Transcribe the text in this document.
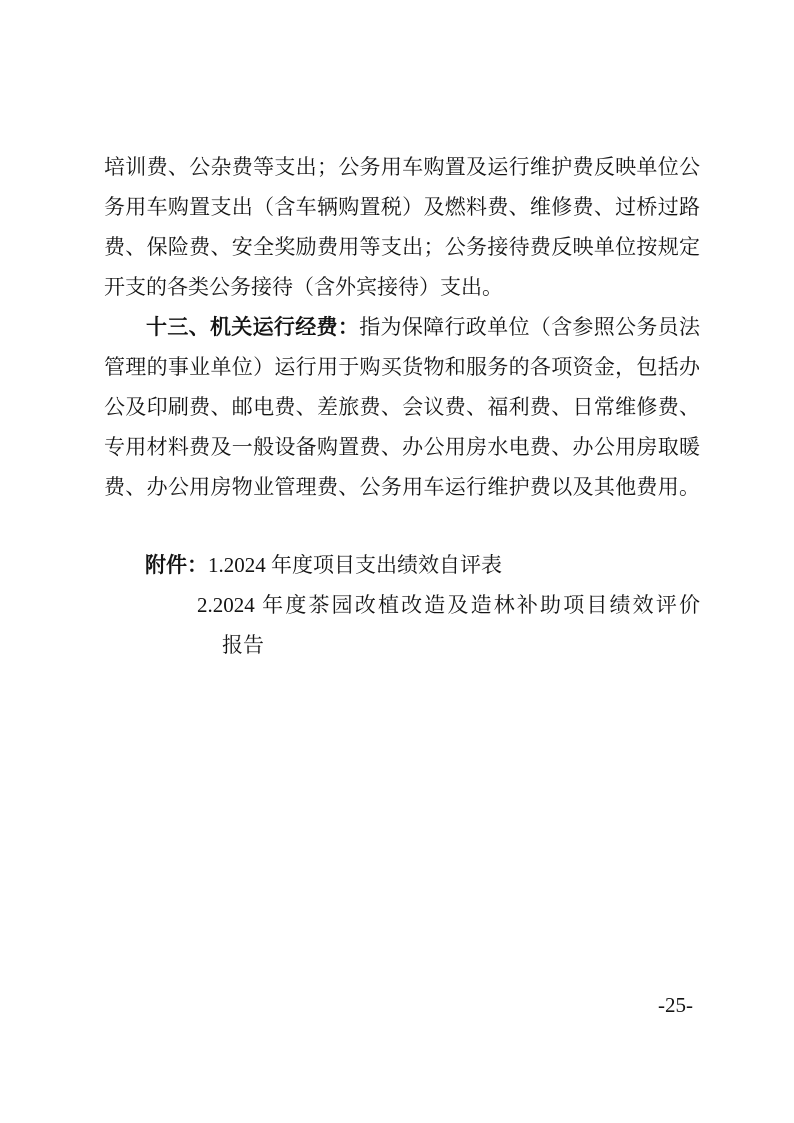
培训费、公杂费等支出；公务用车购置及运行维护费反映单位公
务用车购置支出（含车辆购置税）及燃料费、维修费、过桥过路
费、保险费、安全奖励费用等支出；公务接待费反映单位按规定
开支的各类公务接待（含外宾接待）支出。
十三、机关运行经费：指为保障行政单位（含参照公务员法
管理的事业单位）运行用于购买货物和服务的各项资金，包括办
公及印刷费、邮电费、差旅费、会议费、福利费、日常维修费、
专用材料费及一般设备购置费、办公用房水电费、办公用房取暖
费、办公用房物业管理费、公务用车运行维护费以及其他费用。
附件：1.2024 年度项目支出绩效自评表
2.2024 年度茶园改植改造及造林补助项目绩效评价
报告
-25-
